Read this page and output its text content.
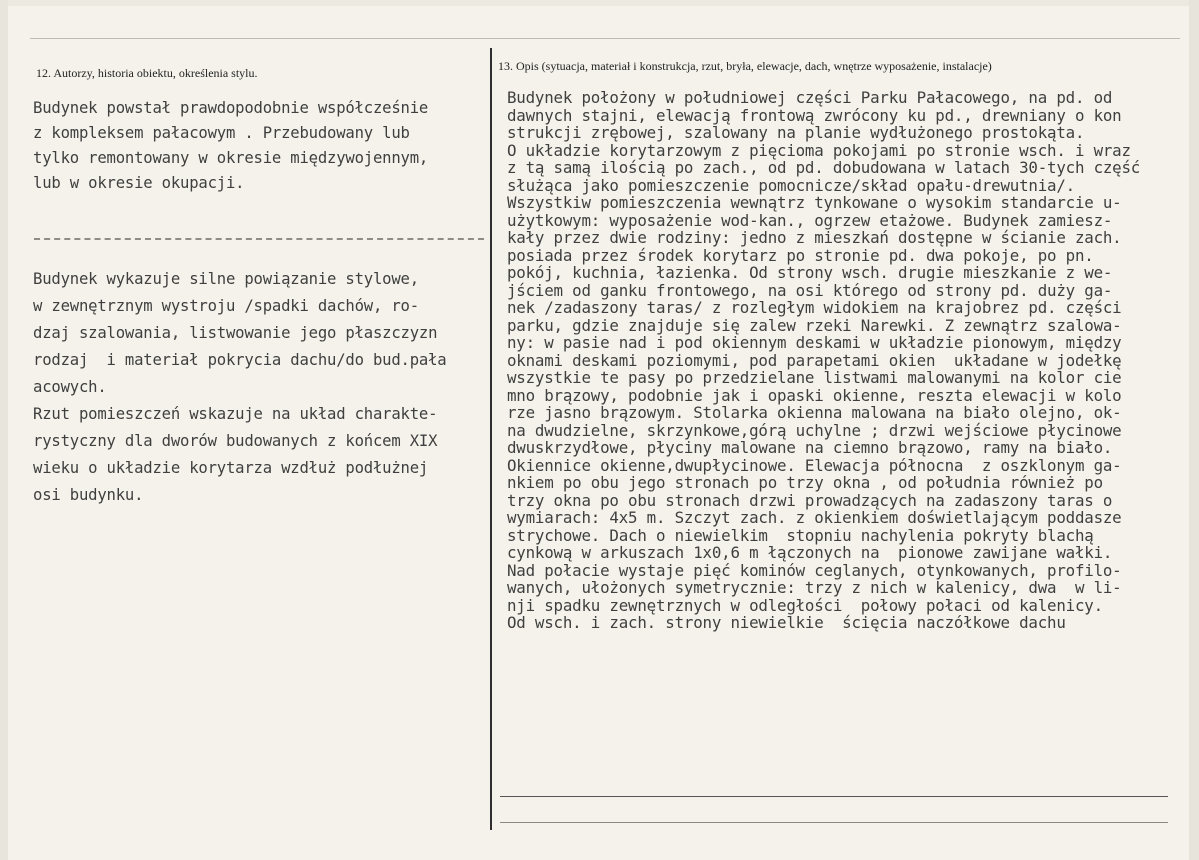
12. Autorzy, historia obiektu, określenia stylu.	13. Opis (sytuacja, materiał i konstrukcja, rzut, bryła, elewacje, dach, wnętrze wyposażenie, instalacje)
Budynek powstał prawdopodobnie współcześnie
z kompleksem pałacowym . Przebudowany lub
tylko remontowany w okresie międzywojennym,
lub w okresie okupacji.
Budynek wykazuje silne powiązanie stylowe,
w zewnętrznym wystroju /spadki dachów, ro-
dzaj szalowania, listwowanie jego płaszczyzn
rodzaj  i materiał pokrycia dachu/do bud.pała
acowych.
Rzut pomieszczeń wskazuje na układ charakte-
rystyczny dla dworów budowanych z końcem XIX
wieku o układzie korytarza wzdłuż podłużnej
osi budynku.
Budynek położony w południowej części Parku Pałacowego, na pd. od
dawnych stajni, elewacją frontową zwrócony ku pd., drewniany o kon
strukcji zrębowej, szalowany na planie wydłużonego prostokąta.
O układzie korytarzowym z pięcioma pokojami po stronie wsch. i wraz
z tą samą ilością po zach., od pd. dobudowana w latach 30-tych część
służąca jako pomieszczenie pomocnicze/skład opału-drewutnia/.
Wszystkiw pomieszczenia wewnątrz tynkowane o wysokim standarcie u-
użytkowym: wyposażenie wod-kan., ogrzew etażowe. Budynek zamiesz-
kały przez dwie rodziny: jedno z mieszkań dostępne w ścianie zach.
posiada przez środek korytarz po stronie pd. dwa pokoje, po pn.
pokój, kuchnia, łazienka. Od strony wsch. drugie mieszkanie z we-
jściem od ganku frontowego, na osi którego od strony pd. duży ga-
nek /zadaszony taras/ z rozległym widokiem na krajobrez pd. części
parku, gdzie znajduje się zalew rzeki Narewki. Z zewnątrz szalowa-
ny: w pasie nad i pod okiennym deskami w układzie pionowym, między
oknami deskami poziomymi, pod parapetami okien  układane w jodełkę
wszystkie te pasy po przedzielane listwami malowanymi na kolor cie
mno brązowy, podobnie jak i opaski okienne, reszta elewacji w kolo
rze jasno brązowym. Stolarka okienna malowana na biało olejno, ok-
na dwudzielne, skrzynkowe,górą uchylne ; drzwi wejściowe płycinowe
dwuskrzydłowe, płyciny malowane na ciemno brązowo, ramy na biało.
Okiennice okienne,dwupłycinowe. Elewacja północna  z oszklonym ga-
nkiem po obu jego stronach po trzy okna , od południa również po
trzy okna po obu stronach drzwi prowadzących na zadaszony taras o
wymiarach: 4x5 m. Szczyt zach. z okienkiem doświetlającym poddasze
strychowe. Dach o niewielkim  stopniu nachylenia pokryty blachą
cynkową w arkuszach 1x0,6 m łączonych na  pionowe zawijane wałki.
Nad połacie wystaje pięć kominów ceglanych, otynkowanych, profilo-
wanych, ułożonych symetrycznie: trzy z nich w kalenicy, dwa  w li-
nji spadku zewnętrznych w odległości  połowy połaci od kalenicy.
Od wsch. i zach. strony niewielkie  ścięcia naczółkowe dachu
